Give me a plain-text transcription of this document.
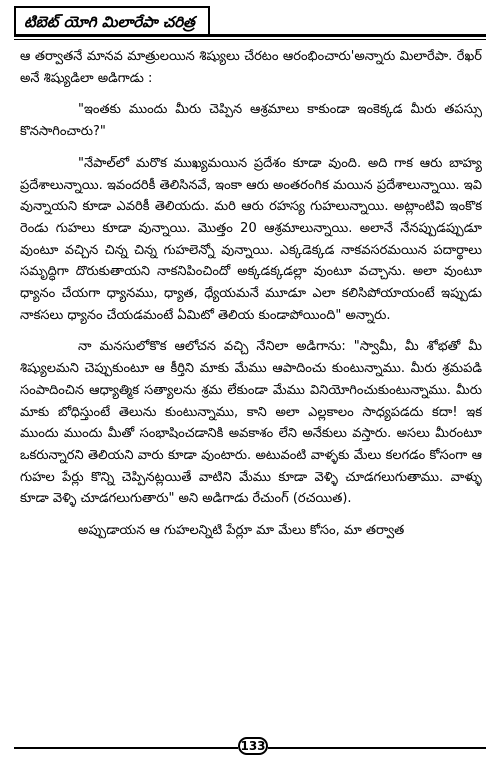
టిబెట్ యోగి మిలారేపా చరిత్ర

ఆ తర్వాతనే మానవ మాత్రులయిన శిష్యులు చేరటం ఆరంభించారు'అన్నారు మిలారేపా. రేఖర్ అనే శిష్యుడిలా అడిగాడు :

"ఇంతకు ముందు మీరు చెప్పిన ఆశ్రమాలు కాకుండా ఇంకెక్కడ మీరు తపస్సు కొనసాగించారు?"

"నేపాల్‌లో మరొక ముఖ్యమయిన ప్రదేశం కూడా వుంది. అది గాక ఆరు బాహ్య ప్రదేశాలున్నాయి. ఇవందరికీ తెలిసినవే, ఇంకా ఆరు అంతరంగిక మయిన ప్రదేశాలున్నాయి. ఇవి వున్నాయని కూడా ఎవరికీ తెలియదు. మరి ఆరు రహస్య గుహలున్నాయి. అట్లాంటివి ఇంకొక రెండు గుహలు కూడా వున్నాయి. మొత్తం 20 ఆశ్రమాలున్నాయి. అలానే నేనప్పుడప్పుడూ వుంటూ వచ్చిన చిన్న చిన్న గుహలెన్నో వున్నాయి. ఎక్కడెక్కడ నాకవసరమయిన పదార్థాలు సమృద్ధిగా దొరుకుతాయని నాకనిపించిందో అక్కడక్కడల్లా వుంటూ వచ్చాను. అలా వుంటూ ధ్యానం చేయగా ధ్యానము, ధ్యాత, ధ్యేయమనే మూడూ ఎలా కలిసిపోయాయంటే ఇప్పుడు నాకసలు ధ్యానం చేయడమంటే ఏమిటో తెలియ కుండాపోయింది" అన్నారు.

నా మనసులోకొక ఆలోచన వచ్చి నేనిలా అడిగాను: "స్వామీ, మీ శోభతో మీ శిష్యులమని చెప్పుకుంటూ ఆ కీర్తిని మాకు మేము ఆపాదించు కుంటున్నాము. మీరు శ్రమపడి సంపాదించిన ఆధ్యాత్మిక సత్యాలను శ్రమ లేకుండా మేము వినియోగించుకుంటున్నాము. మీరు మాకు బోధిస్తుంటే తెలును కుంటున్నాము, కాని అలా ఎల్లకాలం సాధ్యపడదు కదా! ఇక ముందు ముందు మీతో సంభాషించడానికి అవకాశం లేని అనేకులు వస్తారు. అసలు మీరంటూ ఒకరున్నారని తెలియని వారు కూడా వుంటారు. అటువంటి వాళ్ళకు మేలు కలగడం కోసంగా ఆ గుహల పేర్లు కొన్ని చెప్పినట్లయితే వాటిని మేము కూడా వెళ్ళి చూడగలుగుతాము. వాళ్ళు కూడా వెళ్ళి చూడగలుగుతారు" అని అడిగాడు రేచుంగ్ (రచయిత).

అప్పుడాయన ఆ గుహలన్నిటి పేర్లూ మా మేలు కోసం, మా తర్వాత

133
